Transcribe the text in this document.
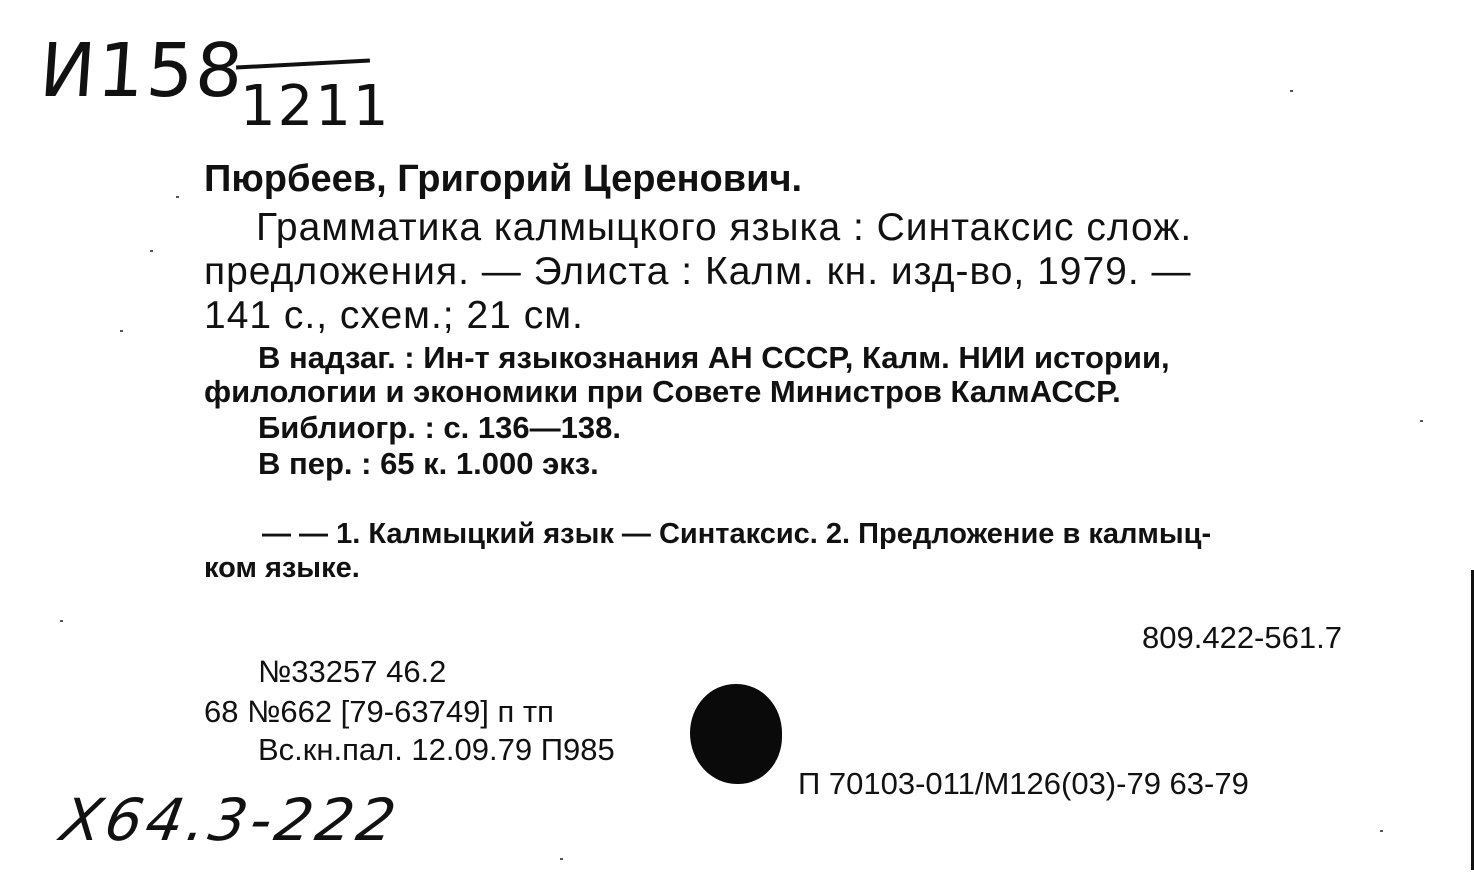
И158
1211
Пюрбеев, Григорий Церенович.
Грамматика калмыцкого языка : Синтаксис слож.
предложения. — Элиста : Калм. кн. изд-во, 1979. —
141 с., схем.; 21 см.
В надзаг. : Ин-т языкознания АН СССР, Калм. НИИ истории,
филологии и экономики при Совете Министров КалмАССР.
Библиогр. : с. 136—138.
В пер. : 65 к. 1.000 экз.
— — 1. Калмыцкий язык — Синтаксис. 2. Предложение в калмыц-
ком языке.
809.422-561.7
№33257 46.2
68 №662 [79-63749] п тп
Вс.кн.пал. 12.09.79 П985
П 70103-011/М126(03)-79 63-79
Х64.3-222
